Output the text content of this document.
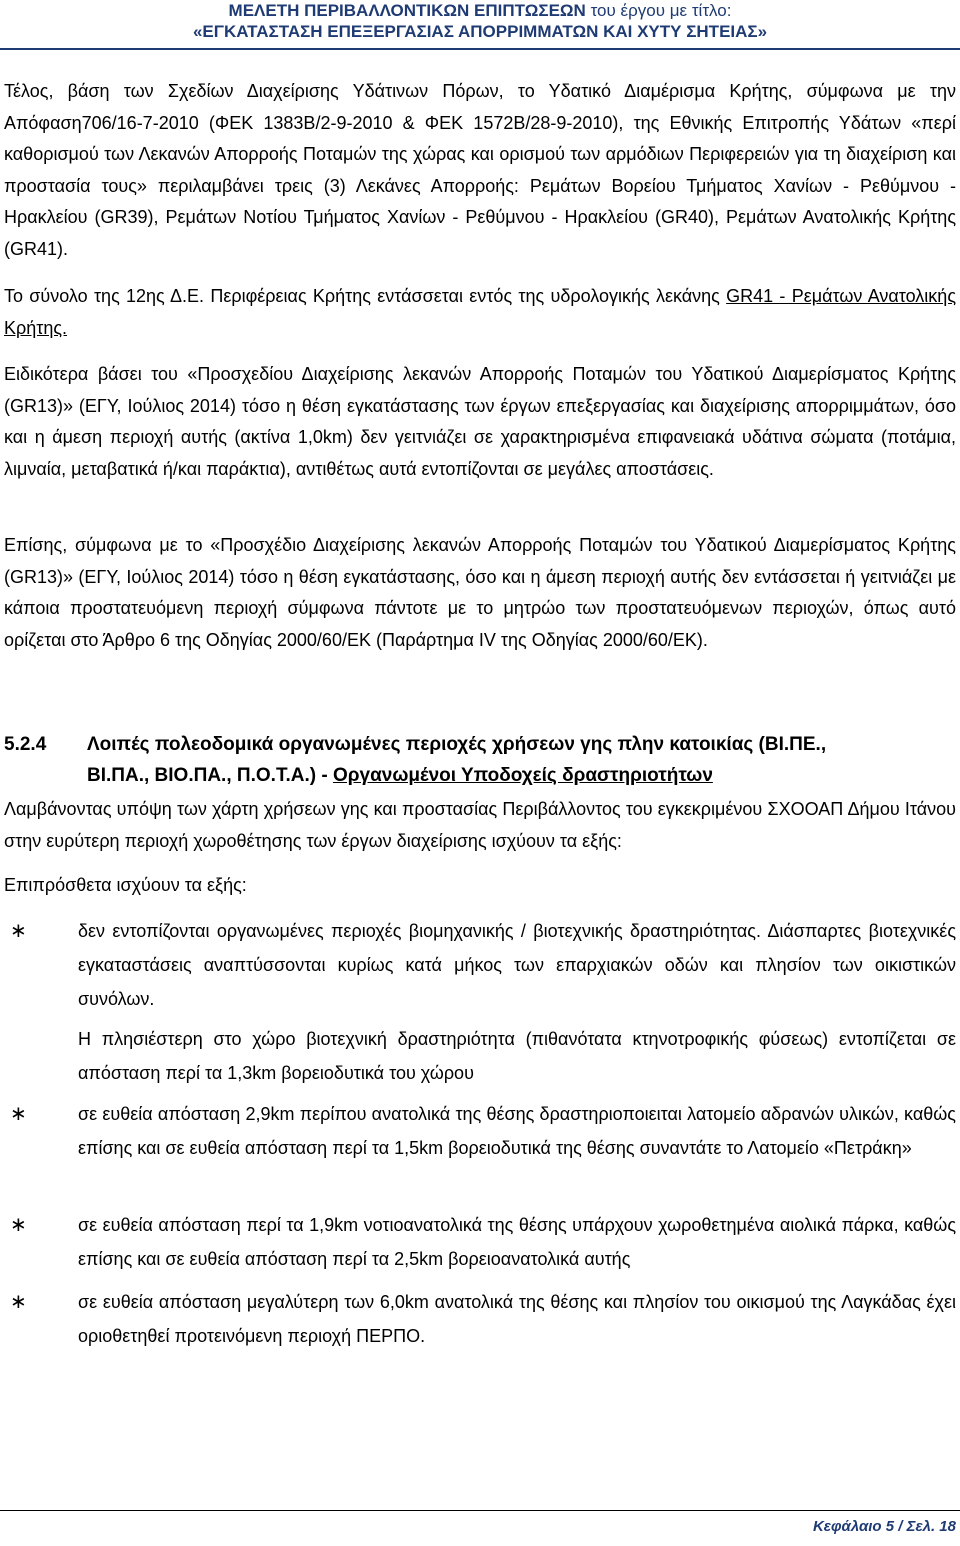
ΜΕΛΕΤΗ ΠΕΡΙΒΑΛΛΟΝΤΙΚΩΝ ΕΠΙΠΤΩΣΕΩΝ του έργου με τίτλο:
«ΕΓΚΑΤΑΣΤΑΣΗ ΕΠΕΞΕΡΓΑΣΙΑΣ ΑΠΟΡΡΙΜΜΑΤΩΝ ΚΑΙ ΧΥΤΥ ΣΗΤΕΙΑΣ»

Τέλος, βάση των Σχεδίων Διαχείρισης Υδάτινων Πόρων, το Υδατικό Διαμέρισμα Κρήτης, σύμφωνα με την Απόφαση706/16-7-2010 (ΦΕΚ 1383Β/2-9-2010 & ΦΕΚ 1572Β/28-9-2010), της Εθνικής Επιτροπής Υδάτων «περί καθορισμού των Λεκανών Απορροής Ποταμών της χώρας και ορισμού των αρμόδιων Περιφερειών για τη διαχείριση και προστασία τους» περιλαμβάνει τρεις (3) Λεκάνες Απορροής: Ρεμάτων Βορείου Τμήματος Χανίων - Ρεθύμνου - Ηρακλείου (GR39), Ρεμάτων Νοτίου Τμήματος Χανίων - Ρεθύμνου - Ηρακλείου (GR40), Ρεμάτων Ανατολικής Κρήτης (GR41).

Το σύνολο της 12ης Δ.Ε. Περιφέρειας Κρήτης εντάσσεται εντός της υδρολογικής λεκάνης GR41 - Ρεμάτων Ανατολικής Κρήτης.

Ειδικότερα βάσει του «Προσχεδίου Διαχείρισης λεκανών Απορροής Ποταμών του Υδατικού Διαμερίσματος Κρήτης (GR13)» (ΕΓΥ, Ιούλιος 2014) τόσο η θέση εγκατάστασης των έργων επεξεργασίας και διαχείρισης απορριμμάτων, όσο και η άμεση περιοχή αυτής (ακτίνα 1,0km) δεν γειτνιάζει σε χαρακτηρισμένα επιφανειακά υδάτινα σώματα (ποτάμια, λιμναία, μεταβατικά ή/και παράκτια), αντιθέτως αυτά εντοπίζονται σε μεγάλες αποστάσεις.

Επίσης, σύμφωνα με το «Προσχέδιο Διαχείρισης λεκανών Απορροής Ποταμών του Υδατικού Διαμερίσματος Κρήτης (GR13)» (ΕΓΥ, Ιούλιος 2014) τόσο η θέση εγκατάστασης, όσο και η άμεση περιοχή αυτής δεν εντάσσεται ή γειτνιάζει με κάποια προστατευόμενη περιοχή σύμφωνα πάντοτε με το μητρώο των προστατευόμενων περιοχών, όπως αυτό ορίζεται στο Άρθρο 6 της Οδηγίας 2000/60/ΕΚ (Παράρτημα IV της Οδηγίας 2000/60/ΕΚ).

5.2.4 Λοιπές πολεοδομικά οργανωμένες περιοχές χρήσεων γης πλην κατοικίας (ΒΙ.ΠΕ.,
ΒΙ.ΠΑ., ΒΙΟ.ΠΑ., Π.Ο.Τ.Α.) - Οργανωμένοι Υποδοχείς δραστηριοτήτων

Λαμβάνοντας υπόψη των χάρτη χρήσεων γης και προστασίας Περιβάλλοντος του εγκεκριμένου ΣΧΟΟΑΠ Δήμου Ιτάνου στην ευρύτερη περιοχή χωροθέτησης των έργων διαχείρισης ισχύουν τα εξής:

Επιπρόσθετα ισχύουν τα εξής:

∗	δεν εντοπίζονται οργανωμένες περιοχές βιομηχανικής / βιοτεχνικής δραστηριότητας. Διάσπαρτες βιοτεχνικές εγκαταστάσεις αναπτύσσονται κυρίως κατά μήκος των επαρχιακών οδών και πλησίον των οικιστικών συνόλων.
Η πλησιέστερη στο χώρο βιοτεχνική δραστηριότητα (πιθανότατα κτηνοτροφικής φύσεως) εντοπίζεται σε απόσταση περί τα 1,3km βορειοδυτικά του χώρου
∗	σε ευθεία απόσταση 2,9km περίπου ανατολικά της θέσης δραστηριοποιειται λατομείο αδρανών υλικών, καθώς επίσης και σε ευθεία απόσταση περί τα 1,5km βορειοδυτικά της θέσης συναντάτε το Λατομείο «Πετράκη»
∗	σε ευθεία απόσταση περί τα 1,9km νοτιοανατολικά της θέσης υπάρχουν χωροθετημένα αιολικά πάρκα, καθώς επίσης και σε ευθεία απόσταση περί τα 2,5km βορειοανατολικά αυτής
∗	σε ευθεία απόσταση μεγαλύτερη των 6,0km ανατολικά της θέσης και πλησίον του οικισμού της Λαγκάδας έχει οριοθετηθεί προτεινόμενη περιοχή ΠΕΡΠΟ.
Κεφάλαιο 5 / Σελ. 18
